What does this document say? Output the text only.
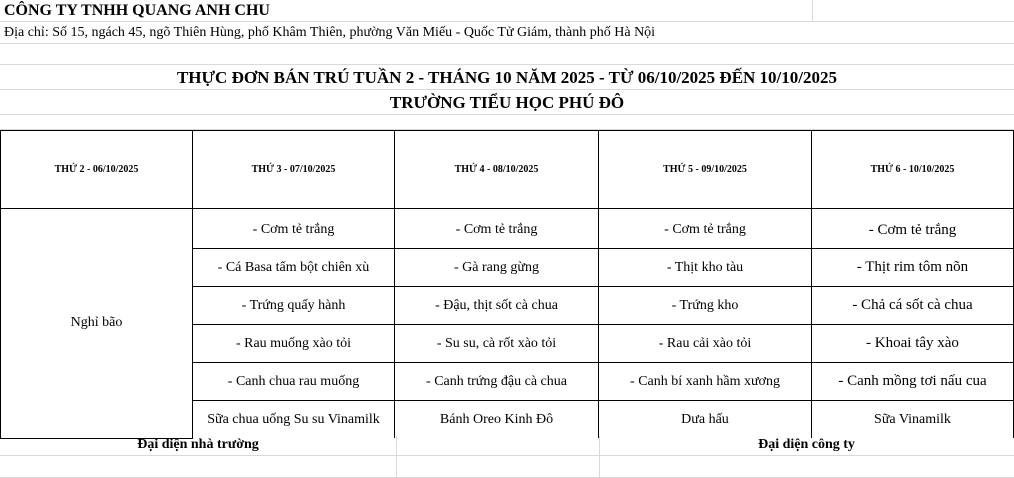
CÔNG TY TNHH QUANG ANH CHU
Địa chỉ: Số 15, ngách 45, ngõ Thiên Hùng, phố Khâm Thiên, phường Văn Miếu - Quốc Tử Giám, thành phố Hà Nội
THỰC ĐƠN BÁN TRÚ TUẦN 2 - THÁNG 10 NĂM 2025 - TỪ 06/10/2025 ĐẾN 10/10/2025
TRƯỜNG TIỂU HỌC PHÚ ĐÔ
THỨ 2 - 06/10/2025	THỨ 3 - 07/10/2025	THỨ 4 - 08/10/2025	THỨ 5 - 09/10/2025	THỨ 6 - 10/10/2025
Nghỉ bão	- Cơm tẻ trắng	- Cơm tẻ trắng	- Cơm tẻ trắng	- Cơm tẻ trắng
	- Cá Basa tẩm bột chiên xù	- Gà rang gừng	- Thịt kho tàu	- Thịt rim tôm nõn
	- Trứng quấy hành	- Đậu, thịt sốt cà chua	- Trứng kho	- Chả cá sốt cà chua
	- Rau muống xào tỏi	- Su su, cà rốt xào tỏi	- Rau cải xào tỏi	- Khoai tây xào
	- Canh chua rau muống	- Canh trứng đậu cà chua	- Canh bí xanh hầm xương	- Canh mồng tơi nấu cua
	Sữa chua uống Su su Vinamilk	Bánh Oreo Kinh Đô	Dưa hấu	Sữa Vinamilk
Đại diện nhà trường	Đại diện công ty
